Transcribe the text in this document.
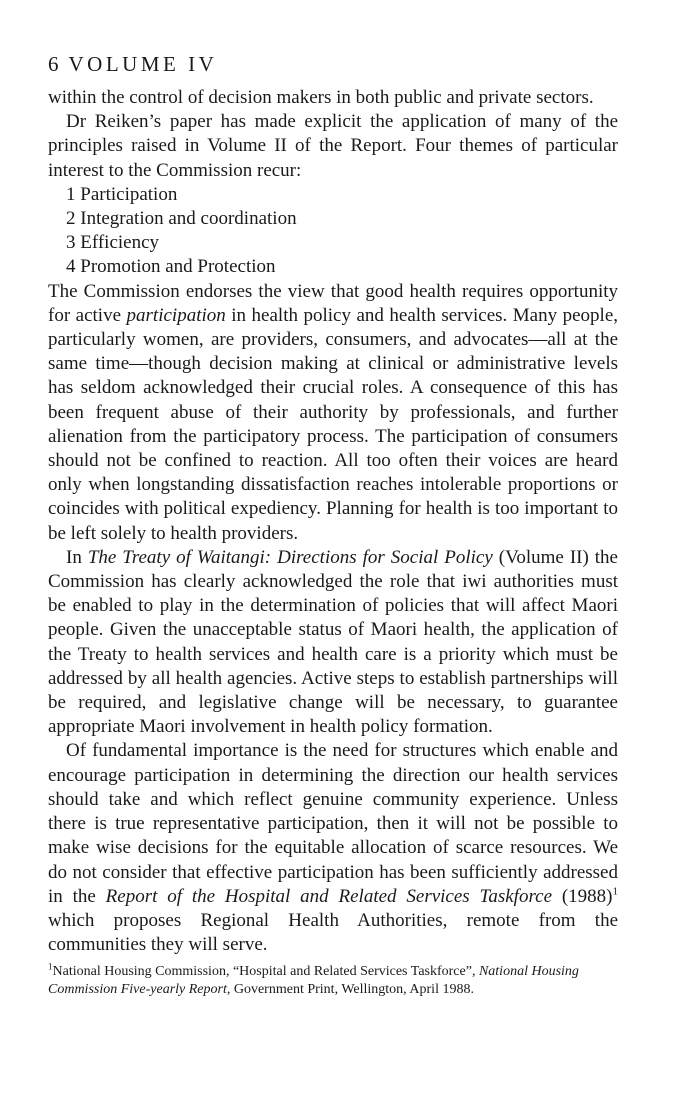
6 VOLUME IV

within the control of decision makers in both public and private sectors.

Dr Reiken’s paper has made explicit the application of many of the principles raised in Volume II of the Report. Four themes of particular interest to the Commission recur:

1 Participation
2 Integration and coordination
3 Efficiency
4 Promotion and Protection

The Commission endorses the view that good health requires opportunity for active participation in health policy and health services. Many people, particularly women, are providers, consumers, and advocates—all at the same time—though decision making at clinical or administrative levels has seldom acknowledged their crucial roles. A consequence of this has been frequent abuse of their authority by professionals, and further alienation from the participatory process. The participation of consumers should not be confined to reaction. All too often their voices are heard only when longstanding dissatisfaction reaches intolerable proportions or coincides with political expediency. Planning for health is too important to be left solely to health providers.

In The Treaty of Waitangi: Directions for Social Policy (Volume II) the Commission has clearly acknowledged the role that iwi authorities must be enabled to play in the determination of policies that will affect Maori people. Given the unacceptable status of Maori health, the application of the Treaty to health services and health care is a priority which must be addressed by all health agencies. Active steps to establish partnerships will be required, and legislative change will be necessary, to guarantee appropriate Maori involvement in health policy formation.

Of fundamental importance is the need for structures which enable and encourage participation in determining the direction our health services should take and which reflect genuine community experience. Unless there is true representative participation, then it will not be possible to make wise decisions for the equitable allocation of scarce resources. We do not consider that effective participation has been sufficiently addressed in the Report of the Hospital and Related Services Taskforce $(1988)^1$ which proposes Regional Health Authorities, remote from the communities they will serve.

$^1$National Housing Commission, “Hospital and Related Services Taskforce”, National Housing Commission Five-yearly Report, Government Print, Wellington, April 1988.
